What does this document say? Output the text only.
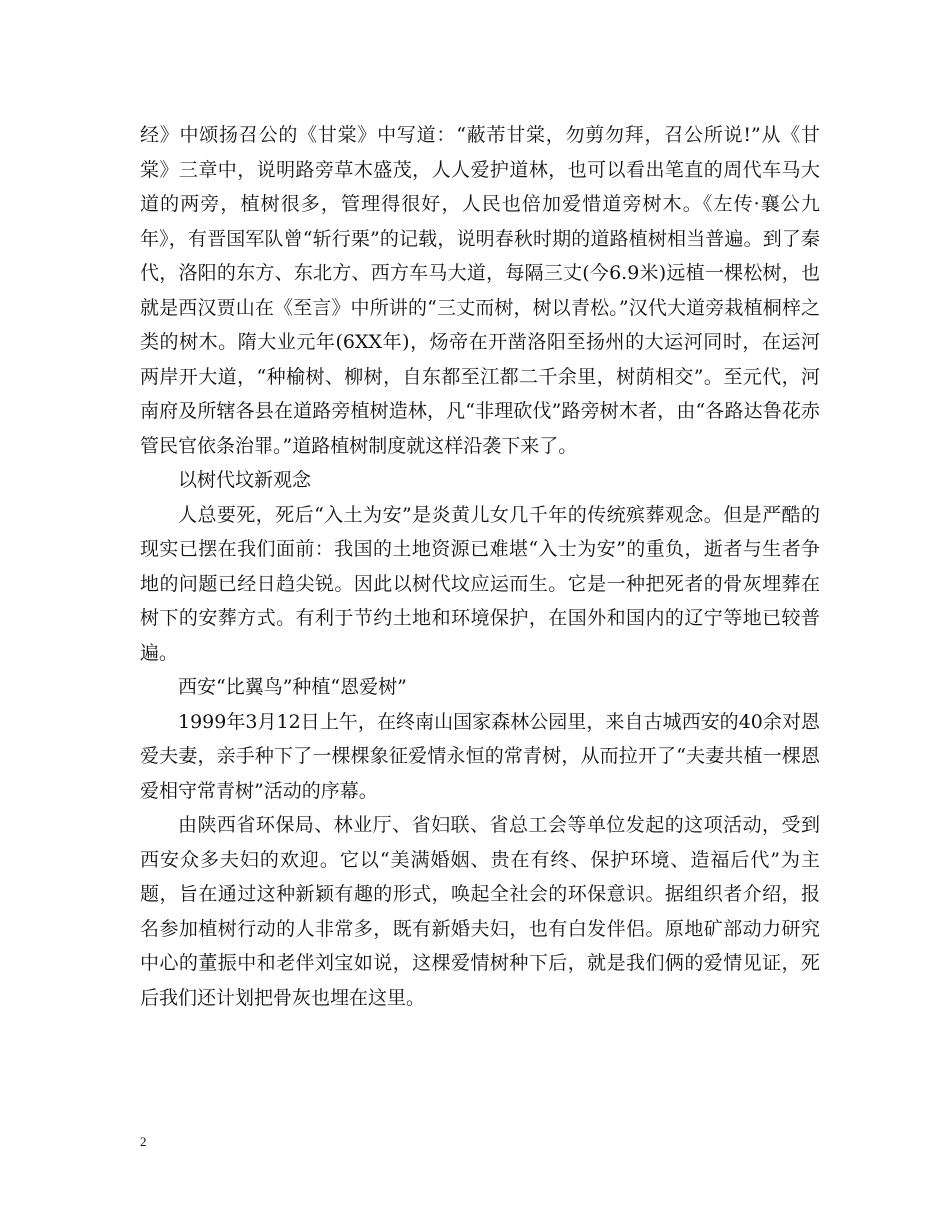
经》中颂扬召公的《甘棠》中写道：“蔽芾甘棠，勿剪勿拜，召公所说!”从《甘棠》三章中，说明路旁草木盛茂，人人爱护道林，也可以看出笔直的周代车马大道的两旁，植树很多，管理得很好，人民也倍加爱惜道旁树木。《左传·襄公九年》，有晋国军队曾“斩行栗”的记载，说明春秋时期的道路植树相当普遍。到了秦代，洛阳的东方、东北方、西方车马大道，每隔三丈(今6.9米)远植一棵松树，也就是西汉贾山在《至言》中所讲的“三丈而树，树以青松。”汉代大道旁栽植桐梓之类的树木。隋大业元年(6XX年)，炀帝在开凿洛阳至扬州的大运河同时，在运河两岸开大道，“种榆树、柳树，自东都至江都二千余里，树荫相交”。至元代，河南府及所辖各县在道路旁植树造林，凡“非理砍伐”路旁树木者，由“各路达鲁花赤管民官依条治罪。”道路植树制度就这样沿袭下来了。

以树代坟新观念

人总要死，死后“入土为安”是炎黄儿女几千年的传统殡葬观念。但是严酷的现实已摆在我们面前：我国的土地资源已难堪“入士为安”的重负，逝者与生者争地的问题已经日趋尖锐。因此以树代坟应运而生。它是一种把死者的骨灰埋葬在树下的安葬方式。有利于节约土地和环境保护，在国外和国内的辽宁等地已较普遍。

西安“比翼鸟”种植“恩爱树”

1999年3月12日上午，在终南山国家森林公园里，来自古城西安的40余对恩爱夫妻，亲手种下了一棵棵象征爱情永恒的常青树，从而拉开了“夫妻共植一棵恩爱相守常青树”活动的序幕。

由陕西省环保局、林业厅、省妇联、省总工会等单位发起的这项活动，受到西安众多夫妇的欢迎。它以“美满婚姻、贵在有终、保护环境、造福后代”为主题，旨在通过这种新颖有趣的形式，唤起全社会的环保意识。据组织者介绍，报名参加植树行动的人非常多，既有新婚夫妇，也有白发伴侣。原地矿部动力研究中心的董振中和老伴刘宝如说，这棵爱情树种下后，就是我们俩的爱情见证，死后我们还计划把骨灰也埋在这里。

2
